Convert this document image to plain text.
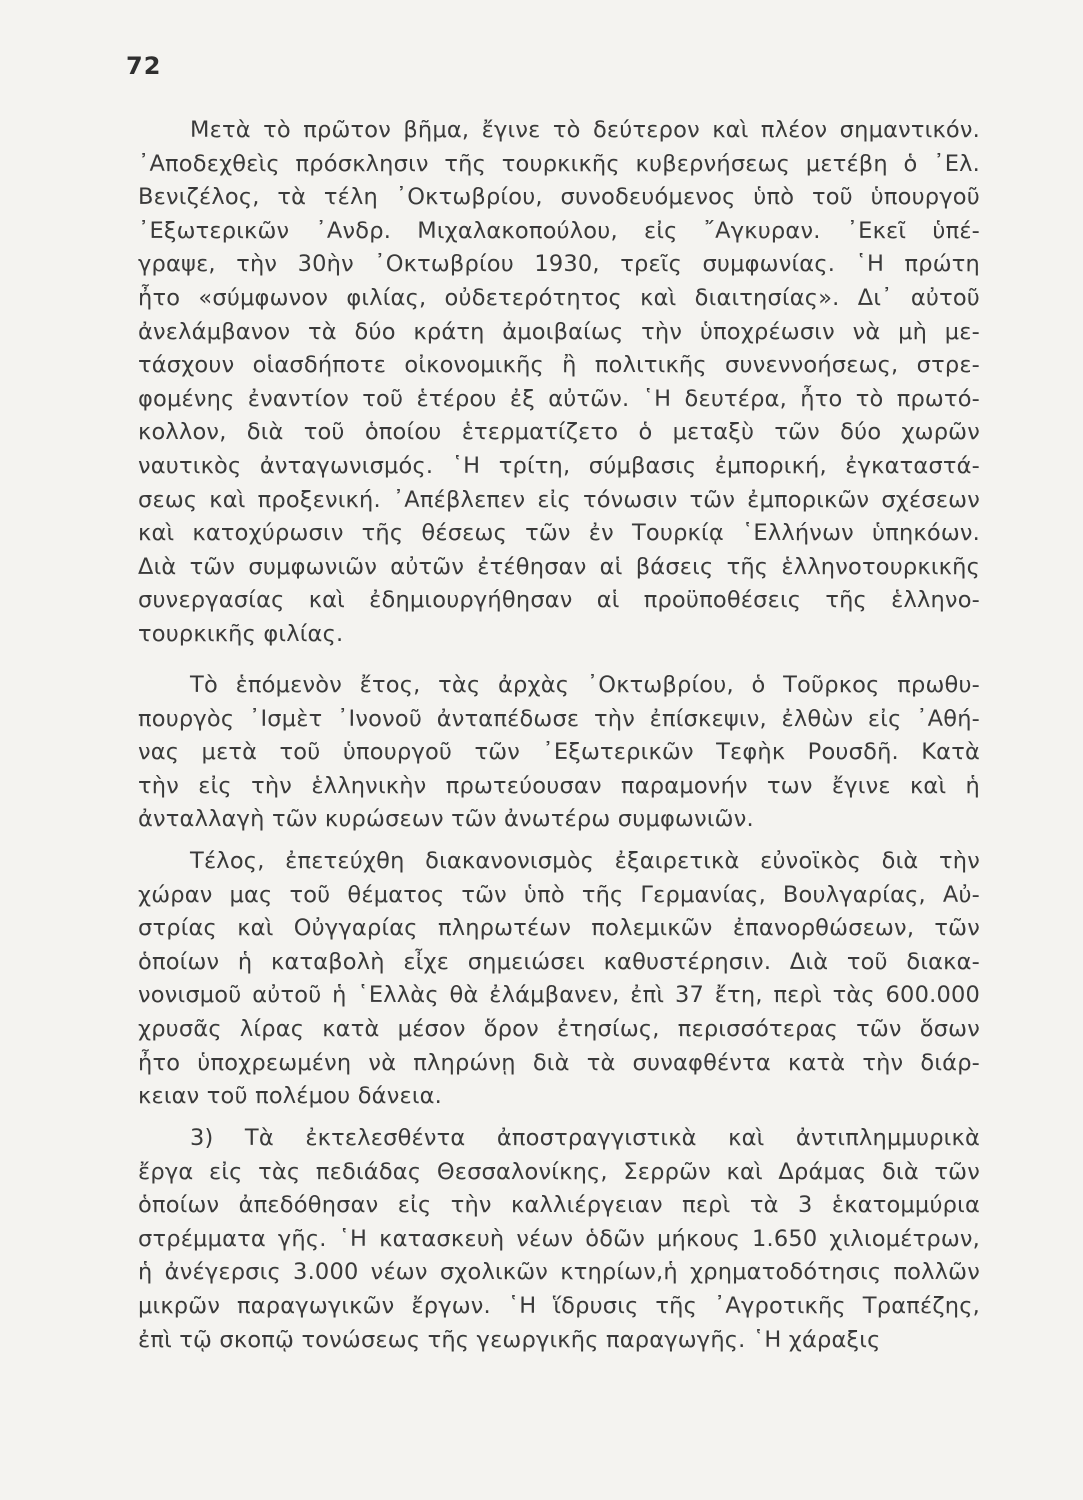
72
Μετὰ τὸ πρῶτον βῆμα, ἔγινε τὸ δεύτερον καὶ πλέον σημαντικόν.
᾿Αποδεχθεὶς πρόσκλησιν τῆς τουρκικῆς κυβερνήσεως μετέβη ὁ ᾿Ελ.
Βενιζέλος, τὰ τέλη ᾿Οκτωβρίου, συνοδευόμενος ὑπὸ τοῦ ὑπουργοῦ
᾿Εξωτερικῶν ᾿Ανδρ. Μιχαλακοπούλου, εἰς ῎Αγκυραν. ᾿Εκεῖ ὑπέ-
γραψε, τὴν 30ὴν ᾿Οκτωβρίου 1930, τρεῖς συμφωνίας. ῾Η πρώτη
ἦτο «σύμφωνον φιλίας, οὐδετερότητος καὶ διαιτησίας». Δι᾿ αὐτοῦ
ἀνελάμβανον τὰ δύο κράτη ἀμοιβαίως τὴν ὑποχρέωσιν νὰ μὴ με-
τάσχουν οἱασδήποτε οἰκονομικῆς ἢ πολιτικῆς συνεννοήσεως, στρε-
φομένης ἐναντίον τοῦ ἑτέρου ἐξ αὐτῶν. ῾Η δευτέρα, ἦτο τὸ πρωτό-
κολλον, διὰ τοῦ ὁποίου ἑτερματίζετο ὁ μεταξὺ τῶν δύο χωρῶν
ναυτικὸς ἀνταγωνισμός. ῾Η τρίτη, σύμβασις ἐμπορική, ἐγκαταστά-
σεως καὶ προξενική. ᾿Απέβλεπεν εἰς τόνωσιν τῶν ἐμπορικῶν σχέσεων
καὶ κατοχύρωσιν τῆς θέσεως τῶν ἐν Τουρκίᾳ ῾Ελλήνων ὑπηκόων.
Διὰ τῶν συμφωνιῶν αὐτῶν ἐτέθησαν αἱ βάσεις τῆς ἑλληνοτουρκικῆς
συνεργασίας καὶ ἐδημιουργήθησαν αἱ προϋποθέσεις τῆς ἑλληνο-
τουρκικῆς φιλίας.
Τὸ ἑπόμενὸν ἔτος, τὰς ἀρχὰς ᾿Οκτωβρίου, ὁ Τοῦρκος πρωθυ-
πουργὸς ᾿Ισμὲτ ᾿Ινονοῦ ἀνταπέδωσε τὴν ἐπίσκεψιν, ἐλθὼν εἰς ᾿Αθή-
νας μετὰ τοῦ ὑπουργοῦ τῶν ᾿Εξωτερικῶν Τεφὴκ Ρουσδῆ. Κατὰ
τὴν εἰς τὴν ἑλληνικὴν πρωτεύουσαν παραμονήν των ἔγινε καὶ ἡ
ἀνταλλαγὴ τῶν κυρώσεων τῶν ἀνωτέρω συμφωνιῶν.
Τέλος, ἐπετεύχθη διακανονισμὸς ἐξαιρετικὰ εὐνοϊκὸς διὰ τὴν
χώραν μας τοῦ θέματος τῶν ὑπὸ τῆς Γερμανίας, Βουλγαρίας, Αὐ-
στρίας καὶ Οὐγγαρίας πληρωτέων πολεμικῶν ἐπανορθώσεων, τῶν
ὁποίων ἡ καταβολὴ εἶχε σημειώσει καθυστέρησιν. Διὰ τοῦ διακα-
νονισμοῦ αὐτοῦ ἡ ῾Ελλὰς θὰ ἐλάμβανεν, ἐπὶ 37 ἔτη, περὶ τὰς 600.000
χρυσᾶς λίρας κατὰ μέσον ὅρον ἐτησίως, περισσότερας τῶν ὅσων
ἦτο ὑποχρεωμένη νὰ πληρώνῃ διὰ τὰ συναφθέντα κατὰ τὴν διάρ-
κειαν τοῦ πολέμου δάνεια.
3) Τὰ ἐκτελεσθέντα ἀποστραγγιστικὰ καὶ ἀντιπλημμυρικὰ
ἔργα εἰς τὰς πεδιάδας Θεσσαλονίκης, Σερρῶν καὶ Δράμας διὰ τῶν
ὁποίων ἀπεδόθησαν εἰς τὴν καλλιέργειαν περὶ τὰ 3 ἑκατομμύρια
στρέμματα γῆς. ῾Η κατασκευὴ νέων ὁδῶν μήκους 1.650 χιλιομέτρων,
ἡ ἀνέγερσις 3.000 νέων σχολικῶν κτηρίων,ἡ χρηματοδότησις πολλῶν
μικρῶν παραγωγικῶν ἔργων. ῾Η ἵδρυσις τῆς ᾿Αγροτικῆς Τραπέζης,
ἐπὶ τῷ σκοπῷ τονώσεως τῆς γεωργικῆς παραγωγῆς. ῾Η χάραξις
